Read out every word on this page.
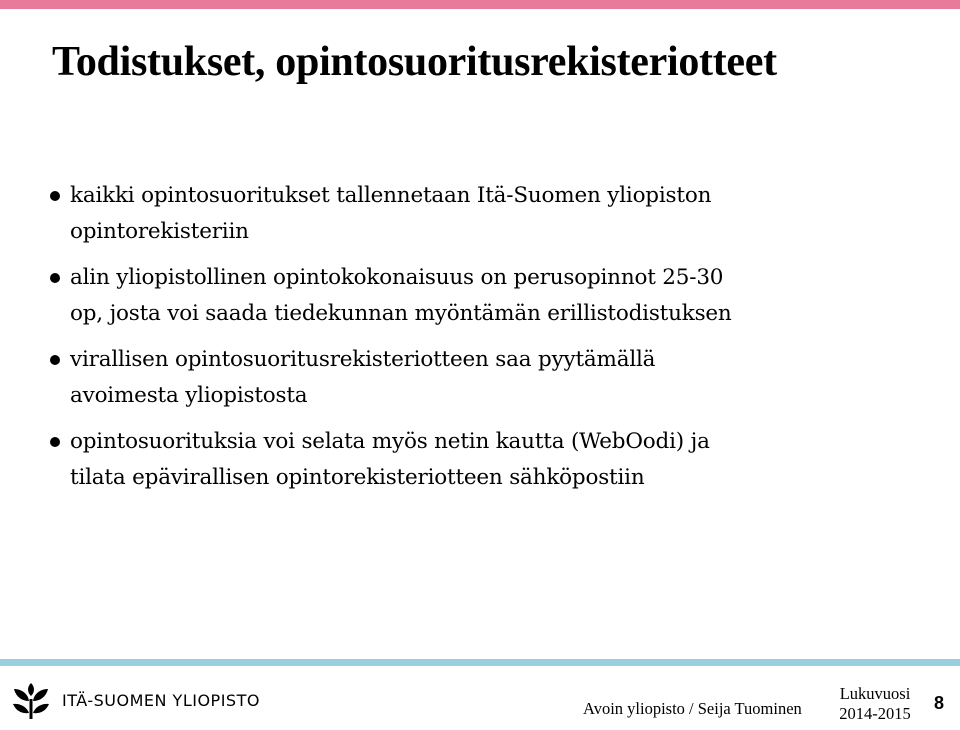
Todistukset, opintosuoritusrekisteriotteet
kaikki opintosuoritukset tallennetaan Itä-Suomen yliopiston
opintorekisteriin
alin yliopistollinen opintokokonaisuus on perusopinnot 25-30
op, josta voi saada tiedekunnan myöntämän erillistodistuksen
virallisen opintosuoritusrekisteriotteen saa pyytämällä
avoimesta yliopistosta
opintosuorituksia voi selata myös netin kautta (WebOodi) ja
tilata epävirallisen opintorekisteriotteen sähköpostiin
ITÄ-SUOMEN YLIOPISTO	Avoin yliopisto / Seija Tuominen
Lukuvuosi
2014-2015
8
